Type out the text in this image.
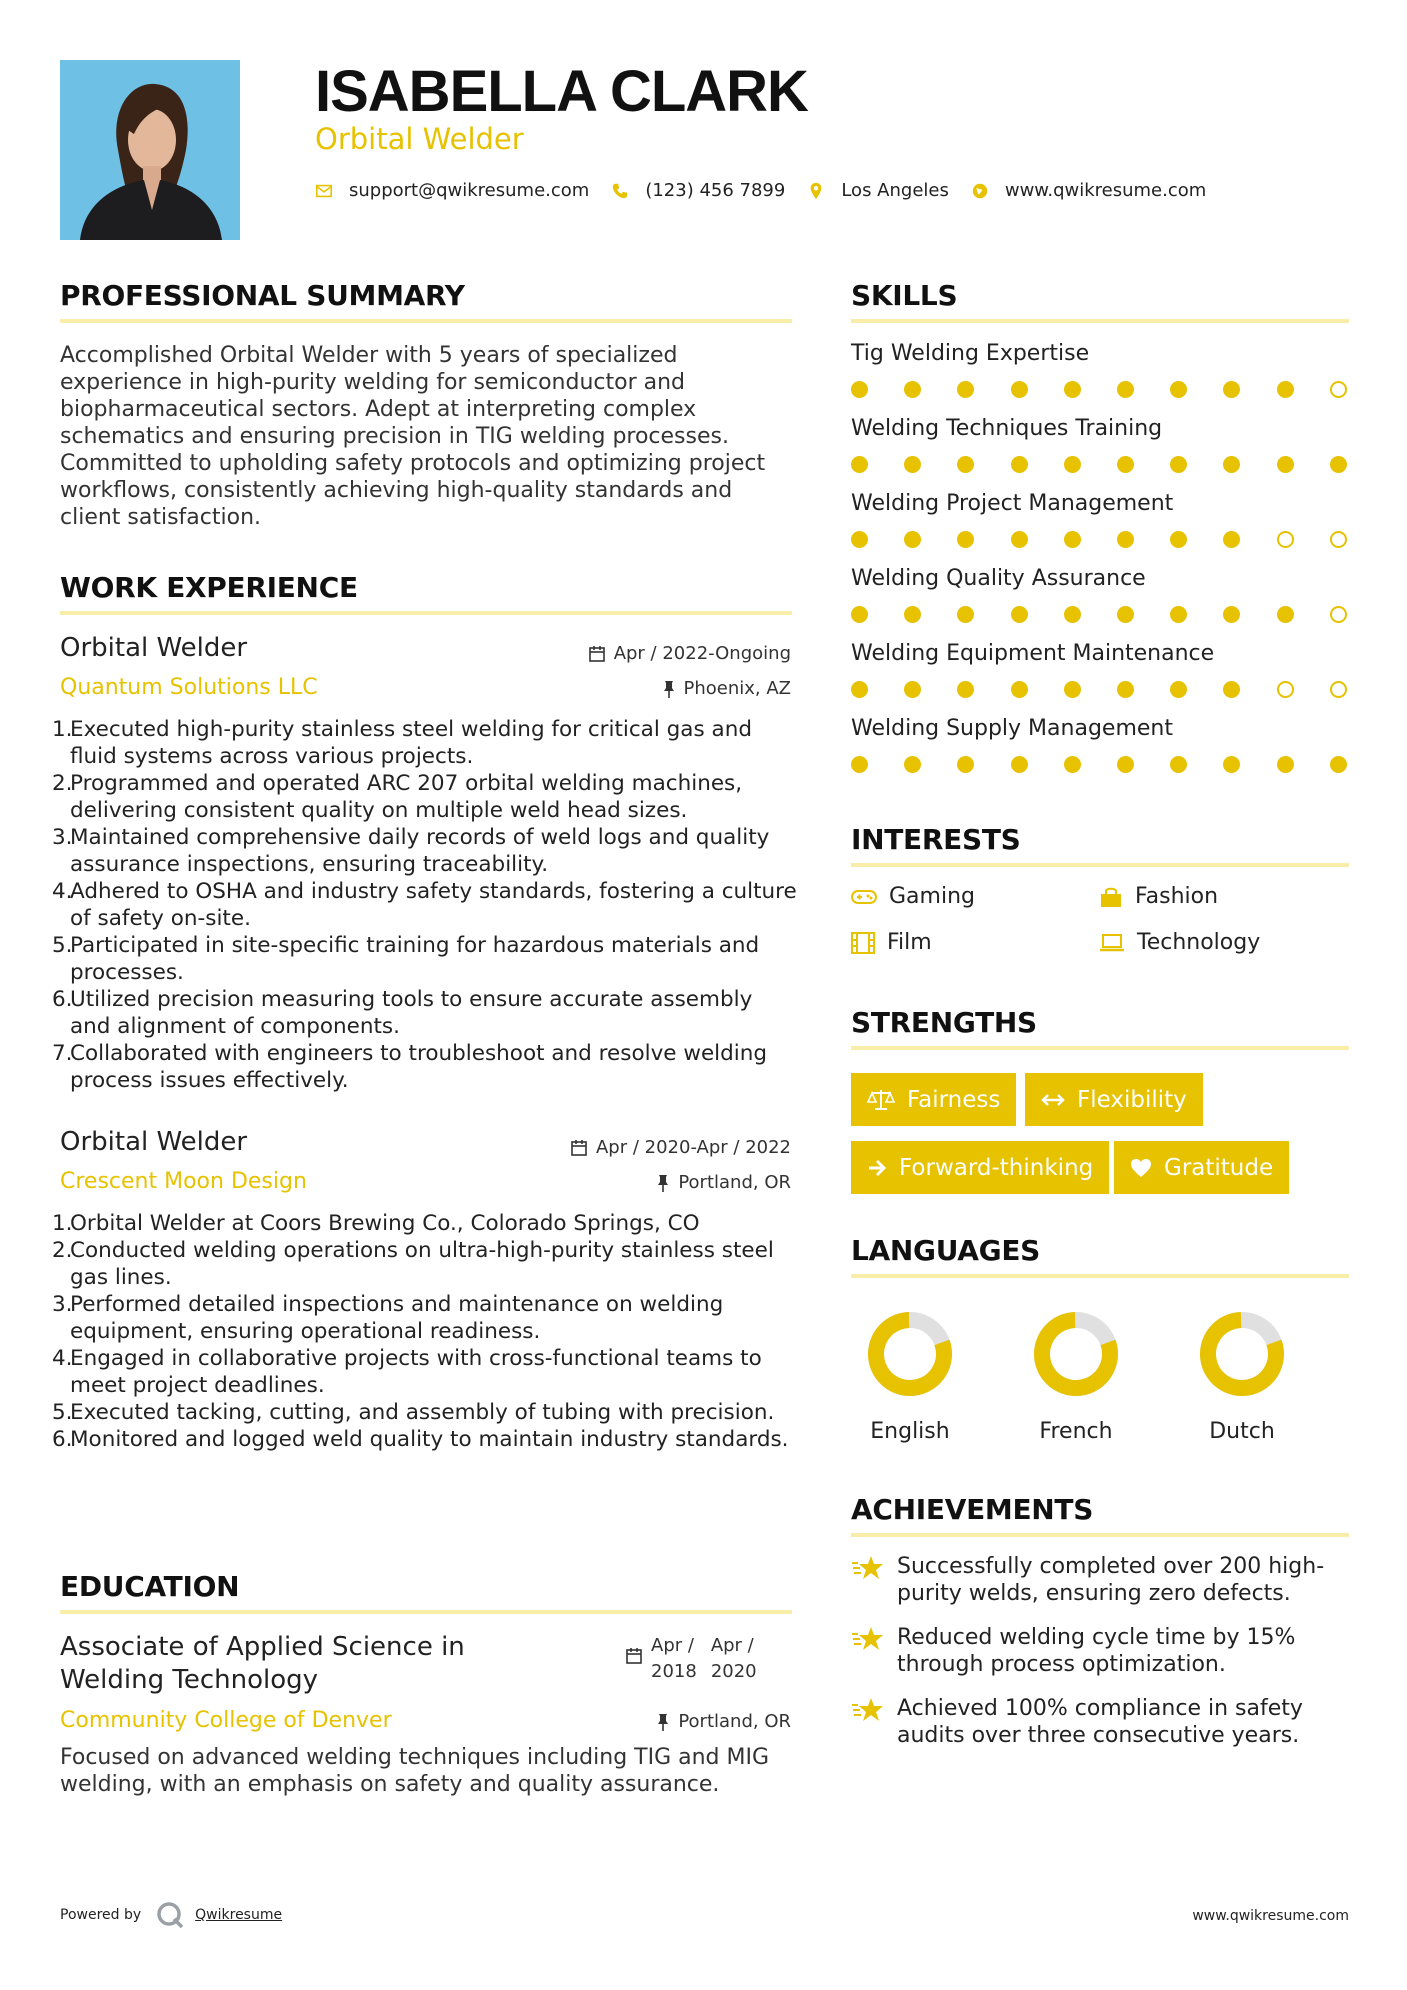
ISABELLA CLARK
Orbital Welder
support@qwikresume.com	(123) 456 7899	Los Angeles	www.qwikresume.com
PROFESSIONAL SUMMARY
Accomplished Orbital Welder with 5 years of specialized experience in high-purity welding for semiconductor and biopharmaceutical sectors. Adept at interpreting complex schematics and ensuring precision in TIG welding processes. Committed to upholding safety protocols and optimizing project workflows, consistently achieving high-quality standards and client satisfaction.
WORK EXPERIENCE
Orbital Welder
Quantum Solutions LLC
Apr / 2022-Ongoing
Phoenix, AZ
1.
Executed high-purity stainless steel welding for critical gas and fluid systems across various projects.
2.
Programmed and operated ARC 207 orbital welding machines, delivering consistent quality on multiple weld head sizes.
3.
Maintained comprehensive daily records of weld logs and quality assurance inspections, ensuring traceability.
4.
Adhered to OSHA and industry safety standards, fostering a culture of safety on-site.
5.
Participated in site-specific training for hazardous materials and processes.
6.
Utilized precision measuring tools to ensure accurate assembly and alignment of components.
7.
Collaborated with engineers to troubleshoot and resolve welding process issues effectively.
Orbital Welder
Crescent Moon Design
Apr / 2020-Apr / 2022
Portland, OR
1.
Orbital Welder at Coors Brewing Co., Colorado Springs, CO
2.
Conducted welding operations on ultra-high-purity stainless steel gas lines.
3.
Performed detailed inspections and maintenance on welding equipment, ensuring operational readiness.
4.
Engaged in collaborative projects with cross-functional teams to meet project deadlines.
5.
Executed tacking, cutting, and assembly of tubing with precision.
6.
Monitored and logged weld quality to maintain industry standards.
EDUCATION
Associate of Applied Science in
Welding Technology
Apr /
2018
Apr /
2020
Community College of Denver	Portland, OR
Focused on advanced welding techniques including TIG and MIG welding, with an emphasis on safety and quality assurance.
SKILLS
Tig Welding Expertise
Welding Techniques Training
Welding Project Management
Welding Quality Assurance
Welding Equipment Maintenance
Welding Supply Management
INTERESTS
Gaming	Fashion
Film	Technology
STRENGTHS
Fairness	Flexibility
Forward-thinking	Gratitude
LANGUAGES
English	French	Dutch
ACHIEVEMENTS
Successfully completed over 200 high-purity welds, ensuring zero defects.
Reduced welding cycle time by 15% through process optimization.
Achieved 100% compliance in safety audits over three consecutive years.
Powered by	Qwikresume	www.qwikresume.com
